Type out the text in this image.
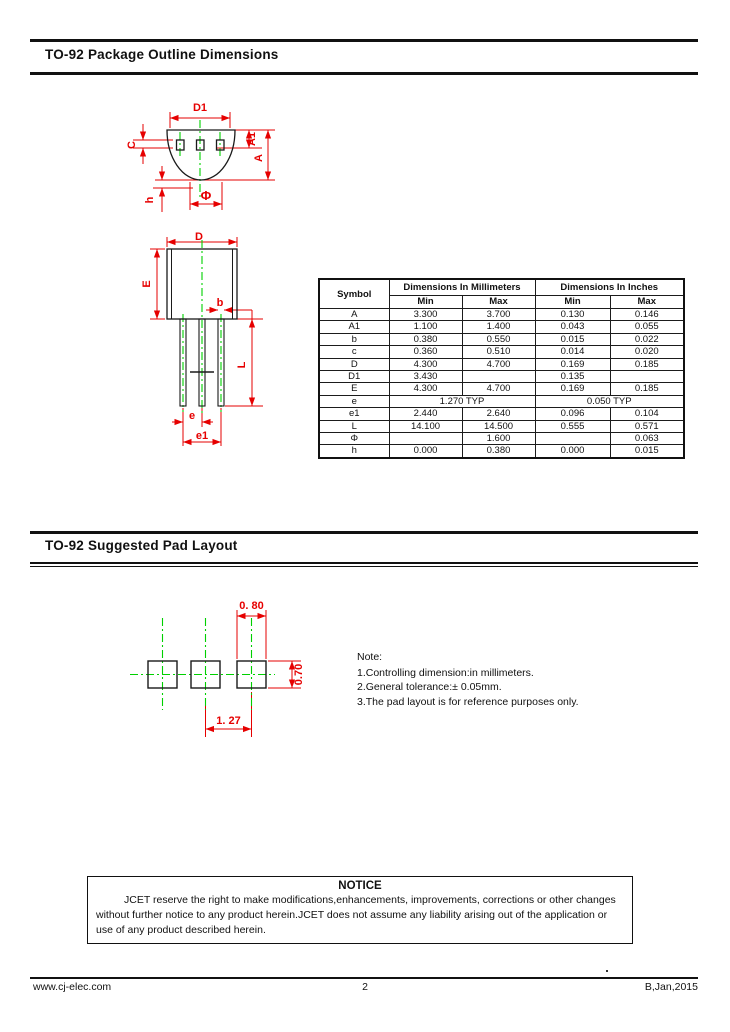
TO-92 Package Outline Dimensions
D1
A1
A
C
h	Φ
D
E
b
L
e
e1
Symbol	Dimensions In Millimeters		Dimensions In Inches	
	Min	Max	Min	Max
A	3.300	3.700	0.130	0.146
A1	1.100	1.400	0.043	0.055
b	0.380	0.550	0.015	0.022
c	0.360	0.510	0.014	0.020
D	4.300	4.700	0.169	0.185
D1	3.430		0.135	
E	4.300	4.700	0.169	0.185
e	1.270 TYP		0.050 TYP	
e1	2.440	2.640	0.096	0.104
L	14.100	14.500	0.555	0.571
Φ		1.600		0.063
h	0.000	0.380	0.000	0.015
TO-92 Suggested Pad Layout
0. 80
0.70
1. 27
Note:
1.Controlling dimension:in millimeters.
2.General tolerance:± 0.05mm.
3.The pad layout is for reference purposes only.
NOTICE
JCET reserve the right to make modifications,enhancements, improvements, corrections or other changes without further notice to any product herein.JCET does not assume any liability arising out of the application or use of any product described herein.
www.cj-elec.com	2	B,Jan,2015
